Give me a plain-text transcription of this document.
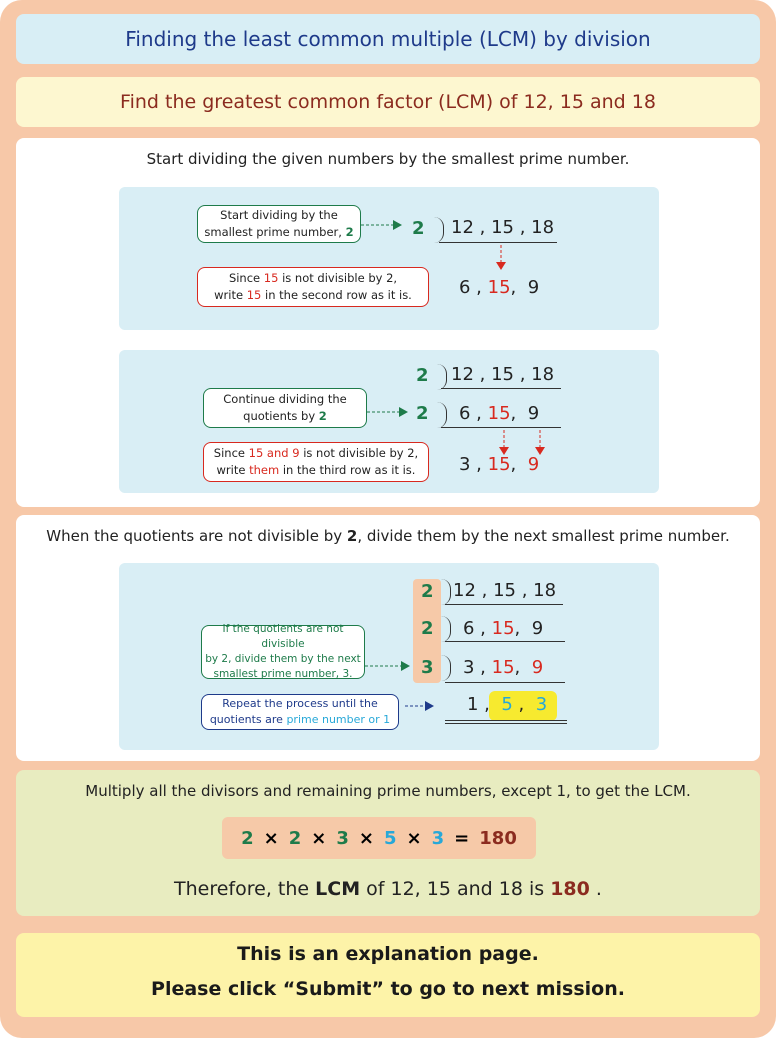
Finding the least common multiple (LCM) by division
Find the greatest common factor (LCM) of 12, 15 and 18
Start dividing the given numbers by the smallest prime number.
Start dividing by the
smallest prime number, 2	2 12 , 15 , 18
Since 15 is not divisible by 2,
write 15 in the second row as it is.	6 , 15,  9
2 12 , 15 , 18
Continue dividing the
quotients by 2	2 6 , 15,  9
Since 15 and 9 is not divisible by 2,
write them in the third row as it is. 3 , 15, 9
When the quotients are not divisible by 2, divide them by the next smallest prime number.
2 12 , 15 , 18
2 6 , 15,  9
If the quotients are not divisible
by 2, divide them by the next
smallest prime number, 3.	3 3 , 15, 9
Repeat the process until the
quotients are prime number or 1
1 , 5 , 3
Multiply all the divisors and remaining prime numbers, except 1, to get the LCM.
2 × 2 × 3 × 5 × 3 = 180
Therefore, the LCM of 12, 15 and 18 is 180 .
This is an explanation page.
Please click “Submit” to go to next mission.
